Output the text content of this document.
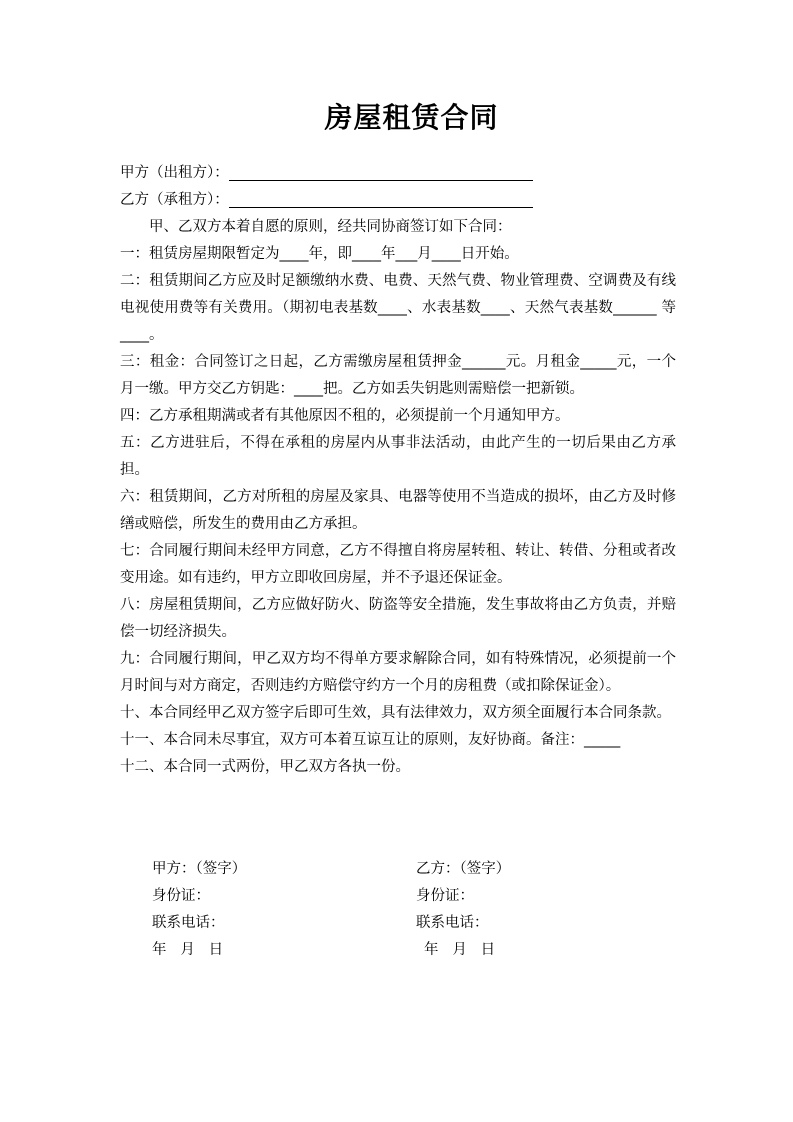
房屋租赁合同
甲方（出租方）：
乙方（承租方）：

甲、乙双方本着自愿的原则，经共同协商签订如下合同：

一：租赁房屋期限暂定为____年，即____年___月____日开始。

二：租赁期间乙方应及时足额缴纳水费、电费、天然气费、物业管理费、空调费及有线电视使用费等有关费用。（期初电表基数____、水表基数____、天然气表基数______ 等____。

三：租金：合同签订之日起，乙方需缴房屋租赁押金______元。月租金_____元，一个月一缴。甲方交乙方钥匙：____把。乙方如丢失钥匙则需赔偿一把新锁。

四：乙方承租期满或者有其他原因不租的，必须提前一个月通知甲方。

五：乙方进驻后，不得在承租的房屋内从事非法活动，由此产生的一切后果由乙方承担。

六：租赁期间，乙方对所租的房屋及家具、电器等使用不当造成的损坏，由乙方及时修缮或赔偿，所发生的费用由乙方承担。

七：合同履行期间未经甲方同意，乙方不得擅自将房屋转租、转让、转借、分租或者改变用途。如有违约，甲方立即收回房屋，并不予退还保证金。

八：房屋租赁期间，乙方应做好防火、防盗等安全措施，发生事故将由乙方负责，并赔偿一切经济损失。

九：合同履行期间，甲乙双方均不得单方要求解除合同，如有特殊情况，必须提前一个月时间与对方商定，否则违约方赔偿守约方一个月的房租费（或扣除保证金）。

十、本合同经甲乙双方签字后即可生效，具有法律效力，双方须全面履行本合同条款。

十一、本合同未尽事宜，双方可本着互谅互让的原则，友好协商。备注：_____

十二、本合同一式两份，甲乙双方各执一份。

甲方：（签字）
身份证：
联系电话：
年   月   日
乙方：（签字）
身份证：
联系电话：
年   月   日
